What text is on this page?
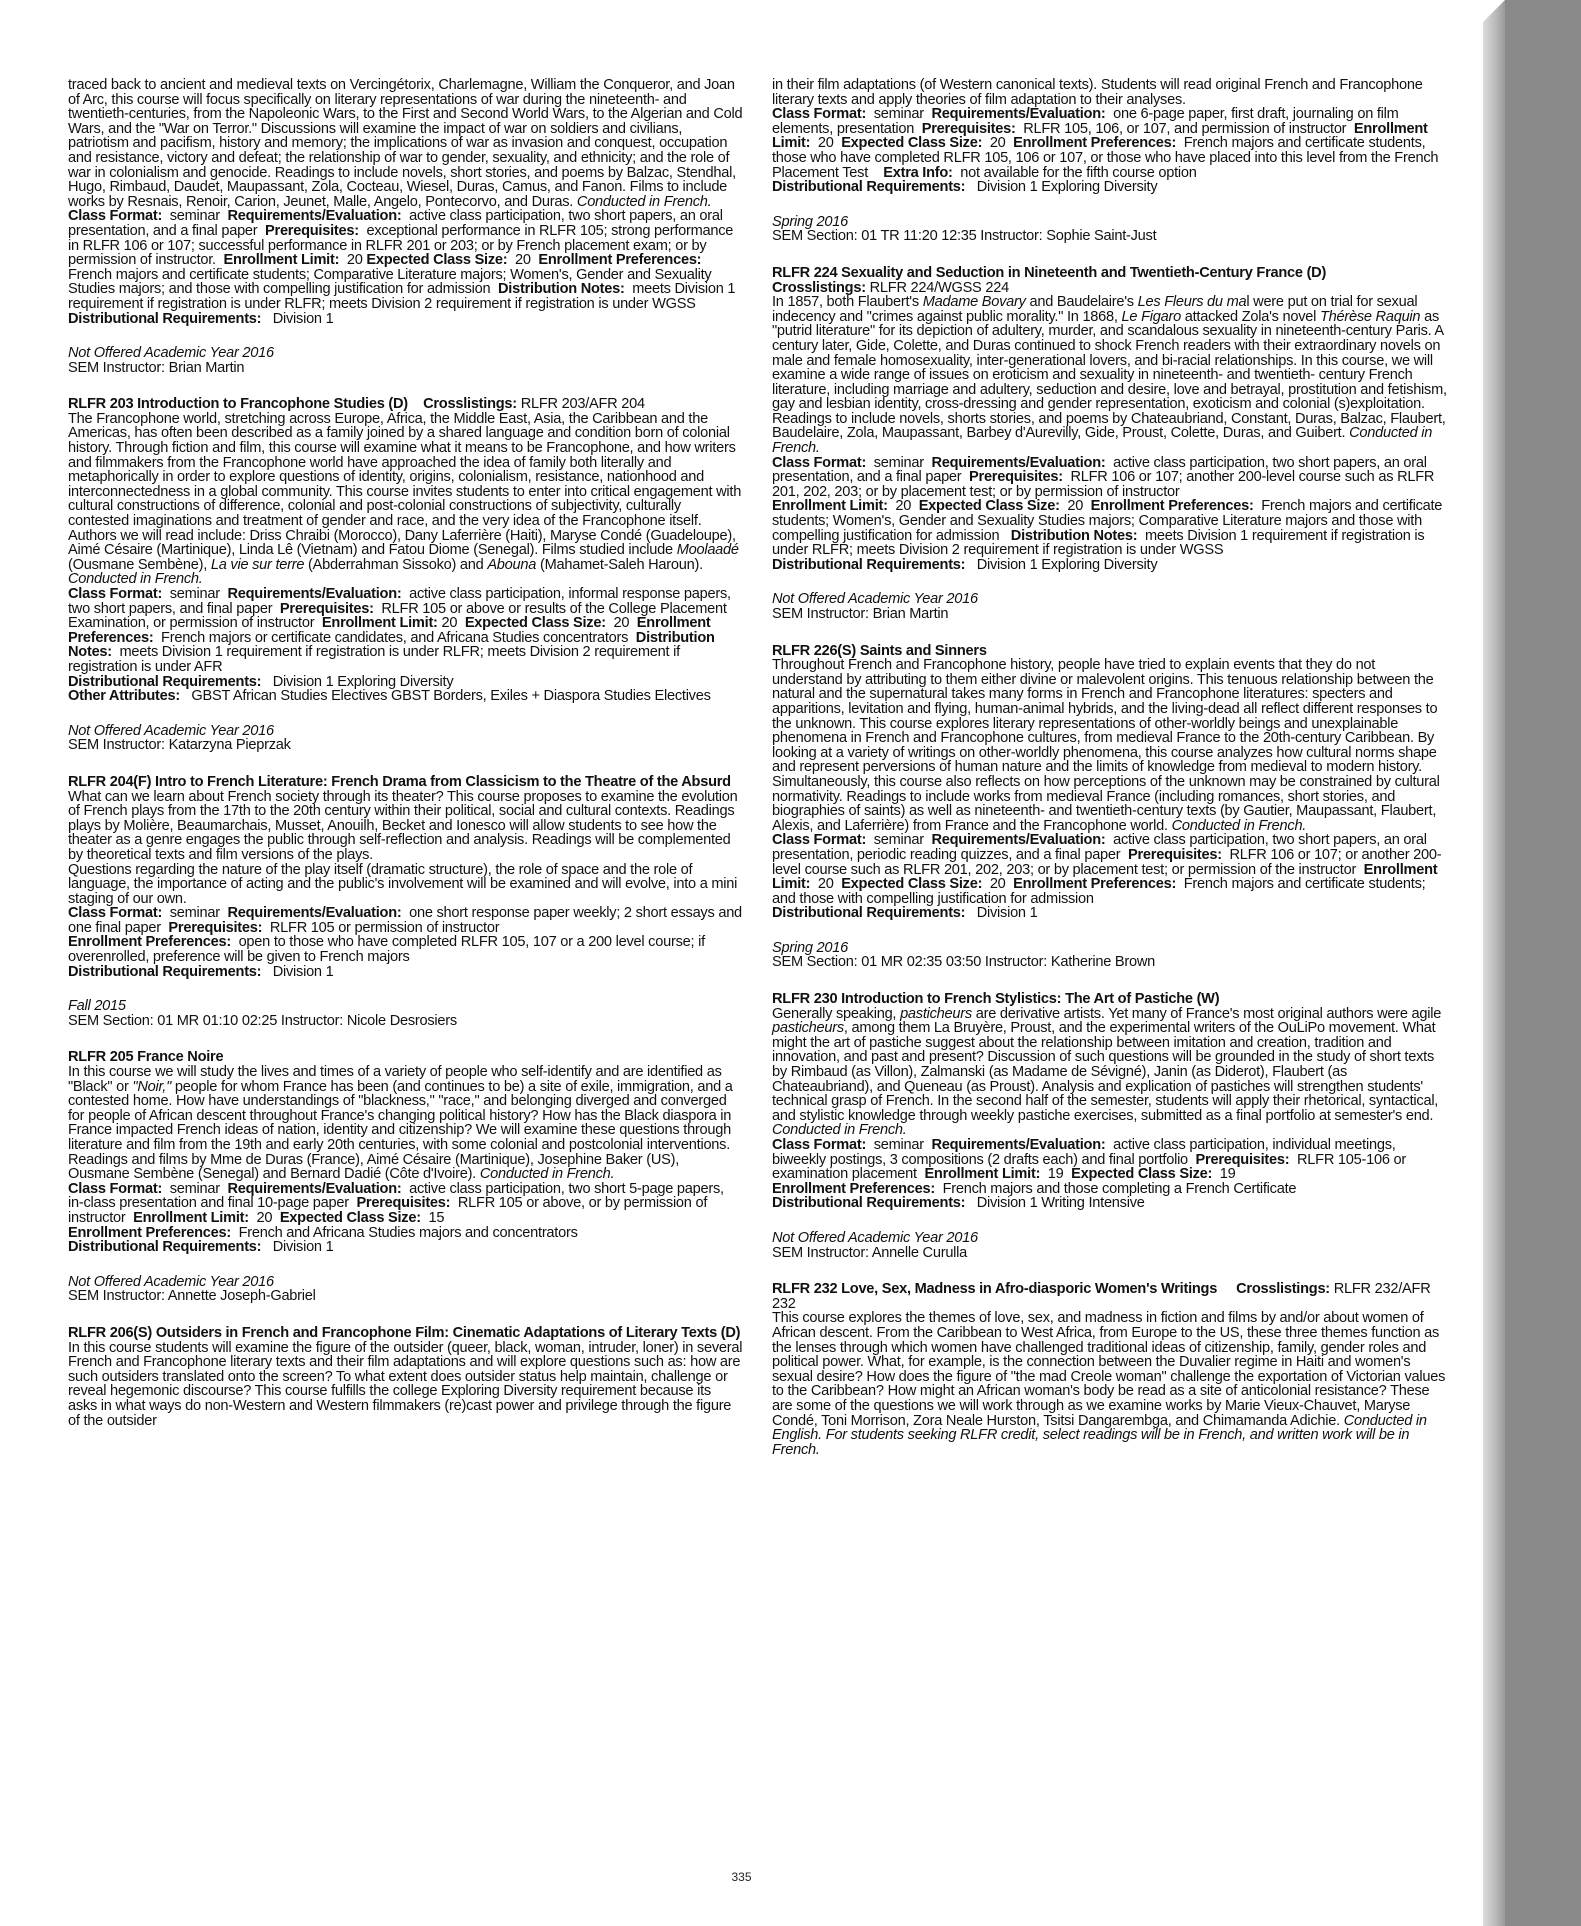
traced back to ancient and medieval texts on Vercingétorix, Charlemagne, William the Conqueror, and Joan of Arc, this course will focus specifically on literary representations of war during the nineteenth- and twentieth-centuries, from the Napoleonic Wars, to the First and Second World Wars, to the Algerian and Cold Wars, and the "War on Terror." Discussions will examine the impact of war on soldiers and civilians, patriotism and pacifism, history and memory; the implications of war as invasion and conquest, occupation and resistance, victory and defeat; the relationship of war to gender, sexuality, and ethnicity; and the role of war in colonialism and genocide. Readings to include novels, short stories, and poems by Balzac, Stendhal, Hugo, Rimbaud, Daudet, Maupassant, Zola, Cocteau, Wiesel, Duras, Camus, and Fanon. Films to include works by Resnais, Renoir, Carion, Jeunet, Malle, Angelo, Pontecorvo, and Duras. Conducted in French.
Class Format: seminar Requirements/Evaluation: active class participation, two short papers, an oral presentation, and a final paper Prerequisites: exceptional performance in RLFR 105; strong performance in RLFR 106 or 107; successful performance in RLFR 201 or 203; or by French placement exam; or by permission of instructor. Enrollment Limit: 20 Expected Class Size: 20 Enrollment Preferences:  French majors and certificate students; Comparative Literature majors; Women's, Gender and Sexuality Studies majors; and those with compelling justification for admission Distribution Notes: meets Division 1 requirement if registration is under RLFR; meets Division 2 requirement if registration is under WGSS
Distributional Requirements: Division 1
Not Offered Academic Year 2016
SEM Instructor: Brian Martin
RLFR 203 Introduction to Francophone Studies (D) Crosslistings: RLFR 203/AFR 204
The Francophone world, stretching across Europe, Africa, the Middle East, Asia, the Caribbean and the Americas, has often been described as a family joined by a shared language and condition born of colonial history. Through fiction and film, this course will examine what it means to be Francophone, and how writers and filmmakers from the Francophone world have approached the idea of family both literally and metaphorically in order to explore questions of identity, origins, colonialism, resistance, nationhood and interconnectedness in a global community. This course invites students to enter into critical engagement with cultural constructions of difference, colonial and post-colonial constructions of subjectivity, culturally contested imaginations and treatment of gender and race, and the very idea of the Francophone itself. Authors we will read include: Driss Chraibi (Morocco), Dany Laferrière (Haiti), Maryse Condé (Guadeloupe), Aimé Césaire (Martinique), Linda Lê (Vietnam) and Fatou Diome (Senegal). Films studied include Moolaadé (Ousmane Sembène), La vie sur terre (Abderrahman Sissoko) and Abouna (Mahamet-Saleh Haroun). Conducted in French.
Class Format: seminar Requirements/Evaluation: active class participation, informal response papers, two short papers, and final paper Prerequisites: RLFR 105 or above or results of the College Placement Examination, or permission of instructor Enrollment Limit: 20 Expected Class Size: 20 Enrollment Preferences: French majors or certificate candidates, and Africana Studies concentrators Distribution Notes: meets Division 1 requirement if registration is under RLFR; meets Division 2 requirement if registration is under AFR
Distributional Requirements: Division 1 Exploring Diversity
Other Attributes: GBST African Studies Electives GBST Borders, Exiles + Diaspora Studies Electives
Not Offered Academic Year 2016
SEM Instructor: Katarzyna Pieprzak
RLFR 204(F) Intro to French Literature: French Drama from Classicism to the Theatre of the Absurd
What can we learn about French society through its theater? This course proposes to examine the evolution of French plays from the 17th to the 20th century within their political, social and cultural contexts. Readings plays by Molière, Beaumarchais, Musset, Anouilh, Becket and Ionesco will allow students to see how the theater as a genre engages the public through self-reflection and analysis. Readings will be complemented by theoretical texts and film versions of the plays.
Questions regarding the nature of the play itself (dramatic structure), the role of space and the role of language, the importance of acting and the public's involvement will be examined and will evolve, into a mini staging of our own.
Class Format: seminar Requirements/Evaluation: one short response paper weekly; 2 short essays and one final paper Prerequisites: RLFR 105 or permission of instructor
Enrollment Preferences: open to those who have completed RLFR 105, 107 or a 200 level course; if overenrolled, preference will be given to French majors
Distributional Requirements: Division 1
Fall 2015
SEM Section: 01 MR 01:10 02:25 Instructor: Nicole Desrosiers
RLFR 205 France Noire
In this course we will study the lives and times of a variety of people who self-identify and are identified as "Black" or "Noir," people for whom France has been (and continues to be) a site of exile, immigration, and a contested home. How have understandings of "blackness," "race," and belonging diverged and converged for people of African descent throughout France's changing political history? How has the Black diaspora in France impacted French ideas of nation, identity and citizenship? We will examine these questions through literature and film from the 19th and early 20th centuries, with some colonial and postcolonial interventions. Readings and films by Mme de Duras (France), Aimé Césaire (Martinique), Josephine Baker (US), Ousmane Sembène (Senegal) and Bernard Dadié (Côte d'Ivoire). Conducted in French.
Class Format: seminar Requirements/Evaluation: active class participation, two short 5-page papers, in-class presentation and final 10-page paper Prerequisites: RLFR 105 or above, or by permission of instructor Enrollment Limit: 20 Expected Class Size: 15
Enrollment Preferences: French and Africana Studies majors and concentrators
Distributional Requirements: Division 1
Not Offered Academic Year 2016
SEM Instructor: Annette Joseph-Gabriel
RLFR 206(S) Outsiders in French and Francophone Film: Cinematic Adaptations of Literary Texts (D)
In this course students will examine the figure of the outsider (queer, black, woman, intruder, loner) in several French and Francophone literary texts and their film adaptations and will explore questions such as: how are such outsiders translated onto the screen? To what extent does outsider status help maintain, challenge or reveal hegemonic discourse? This course fulfills the college Exploring Diversity requirement because its asks in what ways do non-Western and Western filmmakers (re)cast power and privilege through the figure of the outsider
in their film adaptations (of Western canonical texts). Students will read original French and Francophone literary texts and apply theories of film adaptation to their analyses.
Class Format: seminar Requirements/Evaluation: one 6-page paper, first draft, journaling on film elements, presentation Prerequisites: RLFR 105, 106, or 107, and permission of instructor Enrollment Limit: 20 Expected Class Size: 20 Enrollment Preferences: French majors and certificate students, those who have completed RLFR 105, 106 or 107, or those who have placed into this level from the French Placement Test Extra Info: not available for the fifth course option
Distributional Requirements: Division 1 Exploring Diversity
Spring 2016
SEM Section: 01 TR 11:20 12:35 Instructor: Sophie Saint-Just
RLFR 224 Sexuality and Seduction in Nineteenth and Twentieth-Century France (D)
Crosslistings: RLFR 224/WGSS 224
In 1857, both Flaubert's Madame Bovary and Baudelaire's Les Fleurs du mal were put on trial for sexual indecency and "crimes against public morality." In 1868, Le Figaro attacked Zola's novel Thérèse Raquin as "putrid literature" for its depiction of adultery, murder, and scandalous sexuality in nineteenth-century Paris. A century later, Gide, Colette, and Duras continued to shock French readers with their extraordinary novels on male and female homosexuality, inter-generational lovers, and bi-racial relationships. In this course, we will examine a wide range of issues on eroticism and sexuality in nineteenth- and twentieth- century French literature, including marriage and adultery, seduction and desire, love and betrayal, prostitution and fetishism, gay and lesbian identity, cross-dressing and gender representation, exoticism and colonial (s)exploitation. Readings to include novels, shorts stories, and poems by Chateaubriand, Constant, Duras, Balzac, Flaubert, Baudelaire, Zola, Maupassant, Barbey d'Aurevilly, Gide, Proust, Colette, Duras, and Guibert. Conducted in French.
Class Format: seminar Requirements/Evaluation: active class participation, two short papers, an oral presentation, and a final paper Prerequisites: RLFR 106 or 107; another 200-level course such as RLFR 201, 202, 203; or by placement test; or by permission of instructor
Enrollment Limit: 20 Expected Class Size: 20 Enrollment Preferences: French majors and certificate students; Women's, Gender and Sexuality Studies majors; Comparative Literature majors and those with compelling justification for admission Distribution Notes: meets Division 1 requirement if registration is under RLFR; meets Division 2 requirement if registration is under WGSS
Distributional Requirements: Division 1 Exploring Diversity
Not Offered Academic Year 2016
SEM Instructor: Brian Martin
RLFR 226(S) Saints and Sinners
Throughout French and Francophone history, people have tried to explain events that they do not understand by attributing to them either divine or malevolent origins. This tenuous relationship between the natural and the supernatural takes many forms in French and Francophone literatures: specters and apparitions, levitation and flying, human-animal hybrids, and the living-dead all reflect different responses to the unknown. This course explores literary representations of other-worldly beings and unexplainable phenomena in French and Francophone cultures, from medieval France to the 20th-century Caribbean. By looking at a variety of writings on other-worldly phenomena, this course analyzes how cultural norms shape and represent perversions of human nature and the limits of knowledge from medieval to modern history. Simultaneously, this course also reflects on how perceptions of the unknown may be constrained by cultural normativity. Readings to include works from medieval France (including romances, short stories, and biographies of saints) as well as nineteenth- and twentieth-century texts (by Gautier, Maupassant, Flaubert, Alexis, and Laferrière) from France and the Francophone world. Conducted in French.
Class Format: seminar Requirements/Evaluation: active class participation, two short papers, an oral presentation, periodic reading quizzes, and a final paper Prerequisites: RLFR 106 or 107; or another 200-level course such as RLFR 201, 202, 203; or by placement test; or permission of the instructor Enrollment Limit: 20 Expected Class Size: 20 Enrollment Preferences: French majors and certificate students; and those with compelling justification for admission
Distributional Requirements: Division 1
Spring 2016
SEM Section: 01 MR 02:35 03:50 Instructor: Katherine Brown
RLFR 230 Introduction to French Stylistics: The Art of Pastiche (W)
Generally speaking, pasticheurs are derivative artists. Yet many of France's most original authors were agile pasticheurs, among them La Bruyère, Proust, and the experimental writers of the OuLiPo movement. What might the art of pastiche suggest about the relationship between imitation and creation, tradition and innovation, and past and present? Discussion of such questions will be grounded in the study of short texts by Rimbaud (as Villon), Zalmanski (as Madame de Sévigné), Janin (as Diderot), Flaubert (as Chateaubriand), and Queneau (as Proust). Analysis and explication of pastiches will strengthen students' technical grasp of French. In the second half of the semester, students will apply their rhetorical, syntactical, and stylistic knowledge through weekly pastiche exercises, submitted as a final portfolio at semester's end. Conducted in French.
Class Format: seminar Requirements/Evaluation: active class participation, individual meetings, biweekly postings, 3 compositions (2 drafts each) and final portfolio Prerequisites: RLFR 105-106 or examination placement Enrollment Limit: 19 Expected Class Size: 19
Enrollment Preferences: French majors and those completing a French Certificate
Distributional Requirements: Division 1 Writing Intensive
Not Offered Academic Year 2016
SEM Instructor: Annelle Curulla
RLFR 232 Love, Sex, Madness in Afro-diasporic Women's Writings Crosslistings: RLFR 232/AFR 232
This course explores the themes of love, sex, and madness in fiction and films by and/or about women of African descent. From the Caribbean to West Africa, from Europe to the US, these three themes function as the lenses through which women have challenged traditional ideas of citizenship, family, gender roles and political power. What, for example, is the connection between the Duvalier regime in Haiti and women's sexual desire? How does the figure of "the mad Creole woman" challenge the exportation of Victorian values to the Caribbean? How might an African woman's body be read as a site of anticolonial resistance? These are some of the questions we will work through as we examine works by Marie Vieux-Chauvet, Maryse Condé, Toni Morrison, Zora Neale Hurston, Tsitsi Dangarembga, and Chimamanda Adichie. Conducted in English. For students seeking RLFR credit, select readings will be in French, and written work will be in French.
335
